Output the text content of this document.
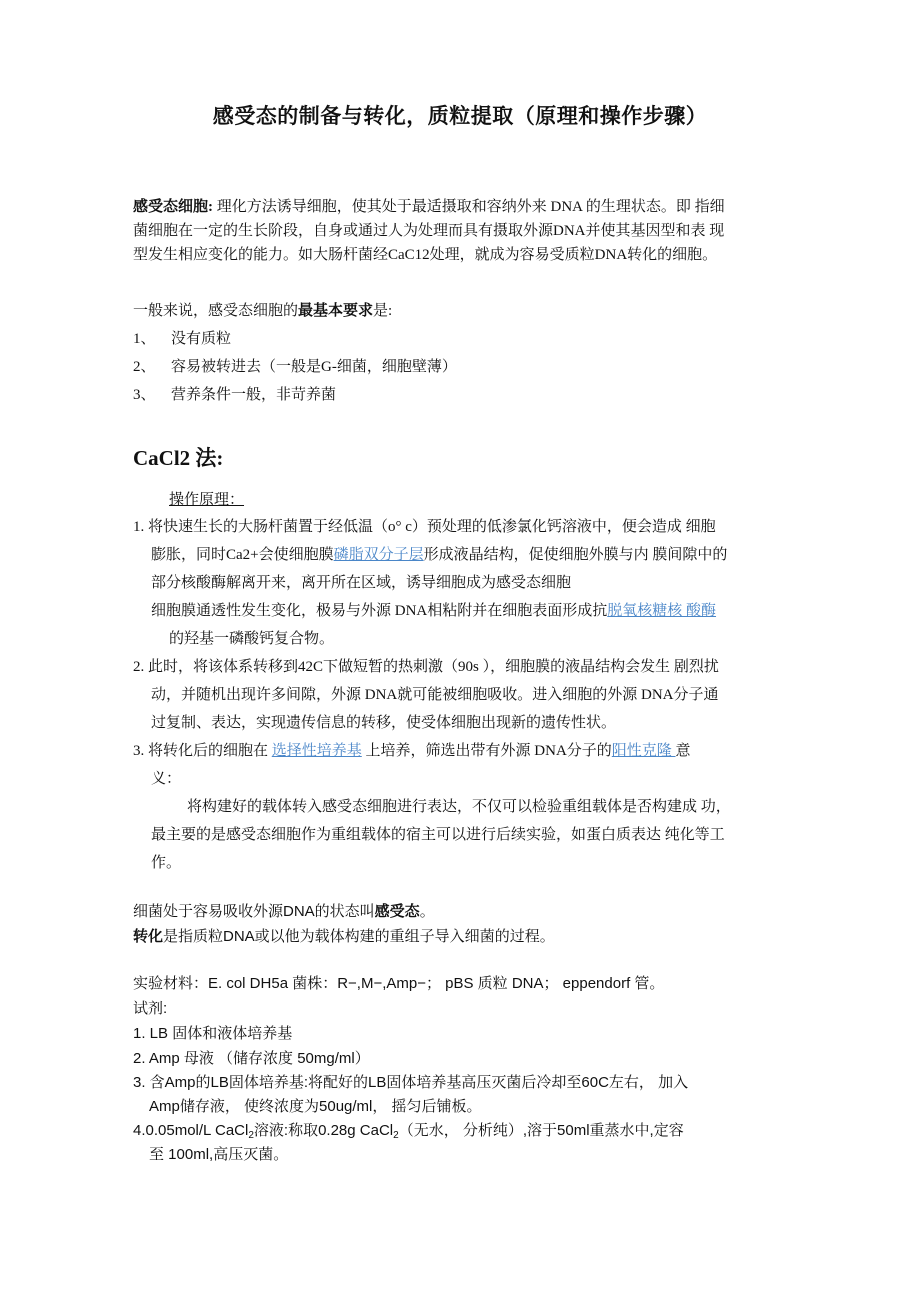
感受态的制备与转化，质粒提取（原理和操作步骤）
感受态细胞: 理化方法诱导细胞，使其处于最适摄取和容纳外来 DNA 的生理状态。即 指细
菌细胞在一定的生长阶段，自身或通过人为处理而具有摄取外源DNA并使其基因型和表 现
型发生相应变化的能力。如大肠杆菌经CaC12处理，就成为容易受质粒DNA转化的细胞。
一般来说，感受态细胞的最基本要求是:
1、 没有质粒
2、 容易被转进去（一般是G-细菌，细胞壁薄）
3、 营养条件一般，非苛养菌
CaCl2 法:
操作原理：
1. 将快速生长的大肠杆菌置于经低温（o° c）预处理的低渗氯化钙溶液中，便会造成 细胞
膨胀，同时Ca2+会使细胞膜磷脂双分子层形成液晶结构，促使细胞外膜与内 膜间隙中的
部分核酸酶解离开来，离开所在区域，诱导细胞成为感受态细胞
细胞膜通透性发生变化，极易与外源 DNA相粘附并在细胞表面形成抗脱氧核糖核 酸酶
的羟基一磷酸钙复合物。
2. 此时，将该体系转移到42C下做短暂的热刺激（90s ），细胞膜的液晶结构会发生 剧烈扰
动，并随机出现许多间隙，外源 DNA就可能被细胞吸收。进入细胞的外源 DNA分子通
过复制、表达，实现遗传信息的转移，使受体细胞出现新的遗传性状。
3. 将转化后的细胞在 选择性培养基 上培养，筛选出带有外源 DNA分子的阳性克隆 意
义：
将构建好的载体转入感受态细胞进行表达，不仅可以检验重组载体是否构建成 功，
最主要的是感受态细胞作为重组载体的宿主可以进行后续实验，如蛋白质表达 纯化等工
作。
细菌处于容易吸收外源DNA的状态叫感受态。
转化是指质粒DNA或以他为载体构建的重组子导入细菌的过程。
实验材料：E. col DH5a 菌株：R−,M−,Amp−； pBS 质粒 DNA； eppendorf 管。
试剂:
1. LB 固体和液体培养基
2. Amp 母液 （储存浓度 50mg/ml）
3. 含Amp的LB固体培养基:将配好的LB固体培养基高压灭菌后冷却至60C左右， 加入
Amp储存液， 使终浓度为50ug/ml， 摇匀后铺板。
4.0.05mol/L CaCl$_2$溶液:称取0.28g CaCl$_2$（无水， 分析纯）,溶于50ml重蒸水中,定容
至 100ml,高压灭菌。
